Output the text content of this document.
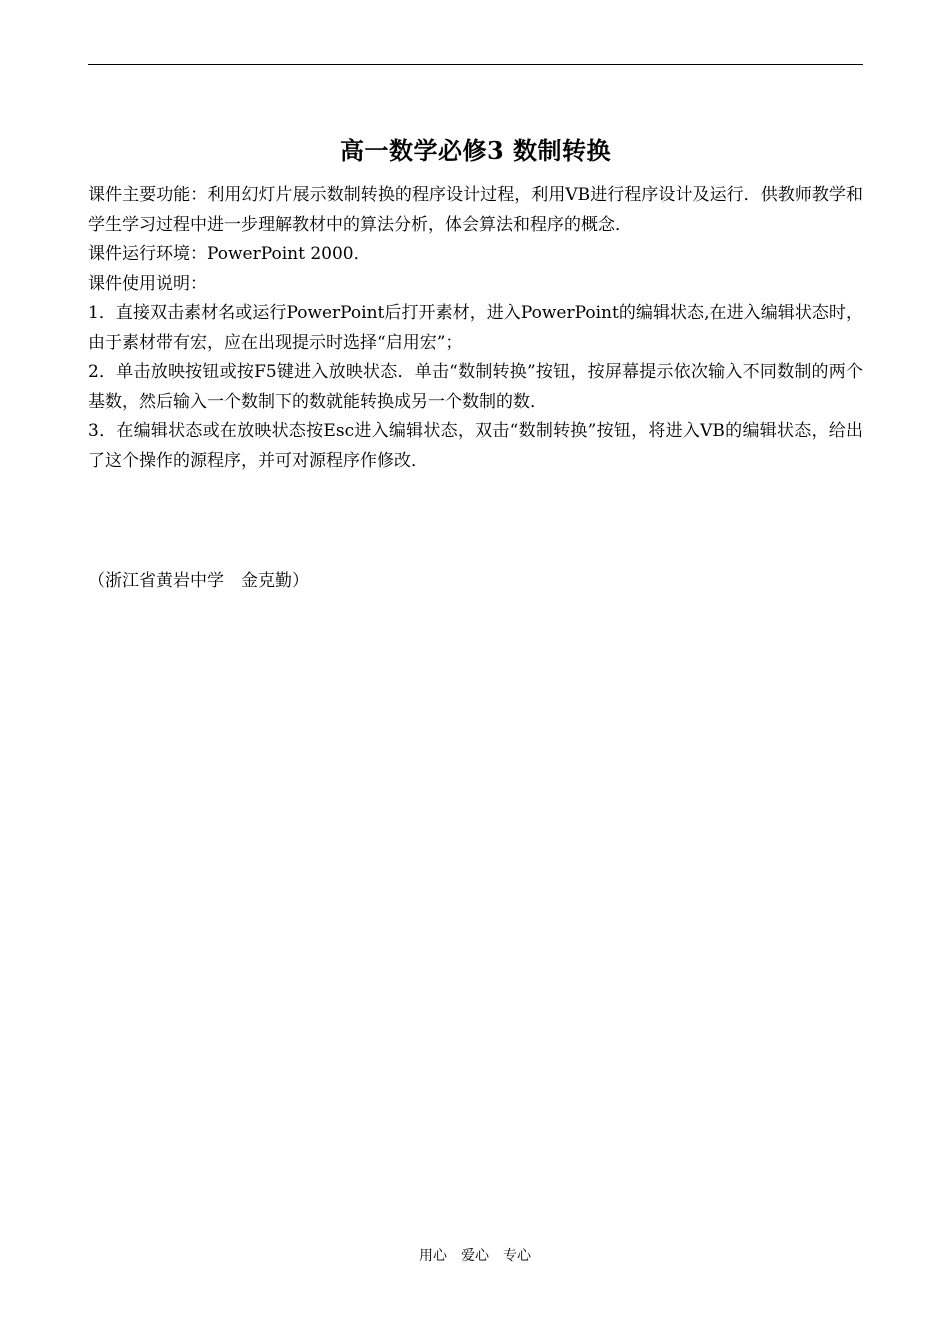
高一数学必修3 数制转换

课件主要功能：利用幻灯片展示数制转换的程序设计过程，利用VB进行程序设计及运行．供教师教学和学生学习过程中进一步理解教材中的算法分析，体会算法和程序的概念．

课件运行环境：PowerPoint 2000．

课件使用说明：

1．直接双击素材名或运行PowerPoint后打开素材，进入PowerPoint的编辑状态,在进入编辑状态时，由于素材带有宏，应在出现提示时选择“启用宏”；

2．单击放映按钮或按F5键进入放映状态．单击“数制转换”按钮，按屏幕提示依次输入不同数制的两个基数，然后输入一个数制下的数就能转换成另一个数制的数．

3．在编辑状态或在放映状态按Esc进入编辑状态，双击“数制转换”按钮，将进入VB的编辑状态，给出了这个操作的源程序，并可对源程序作修改．

（浙江省黄岩中学　金克勤）
用心　爱心　专心
